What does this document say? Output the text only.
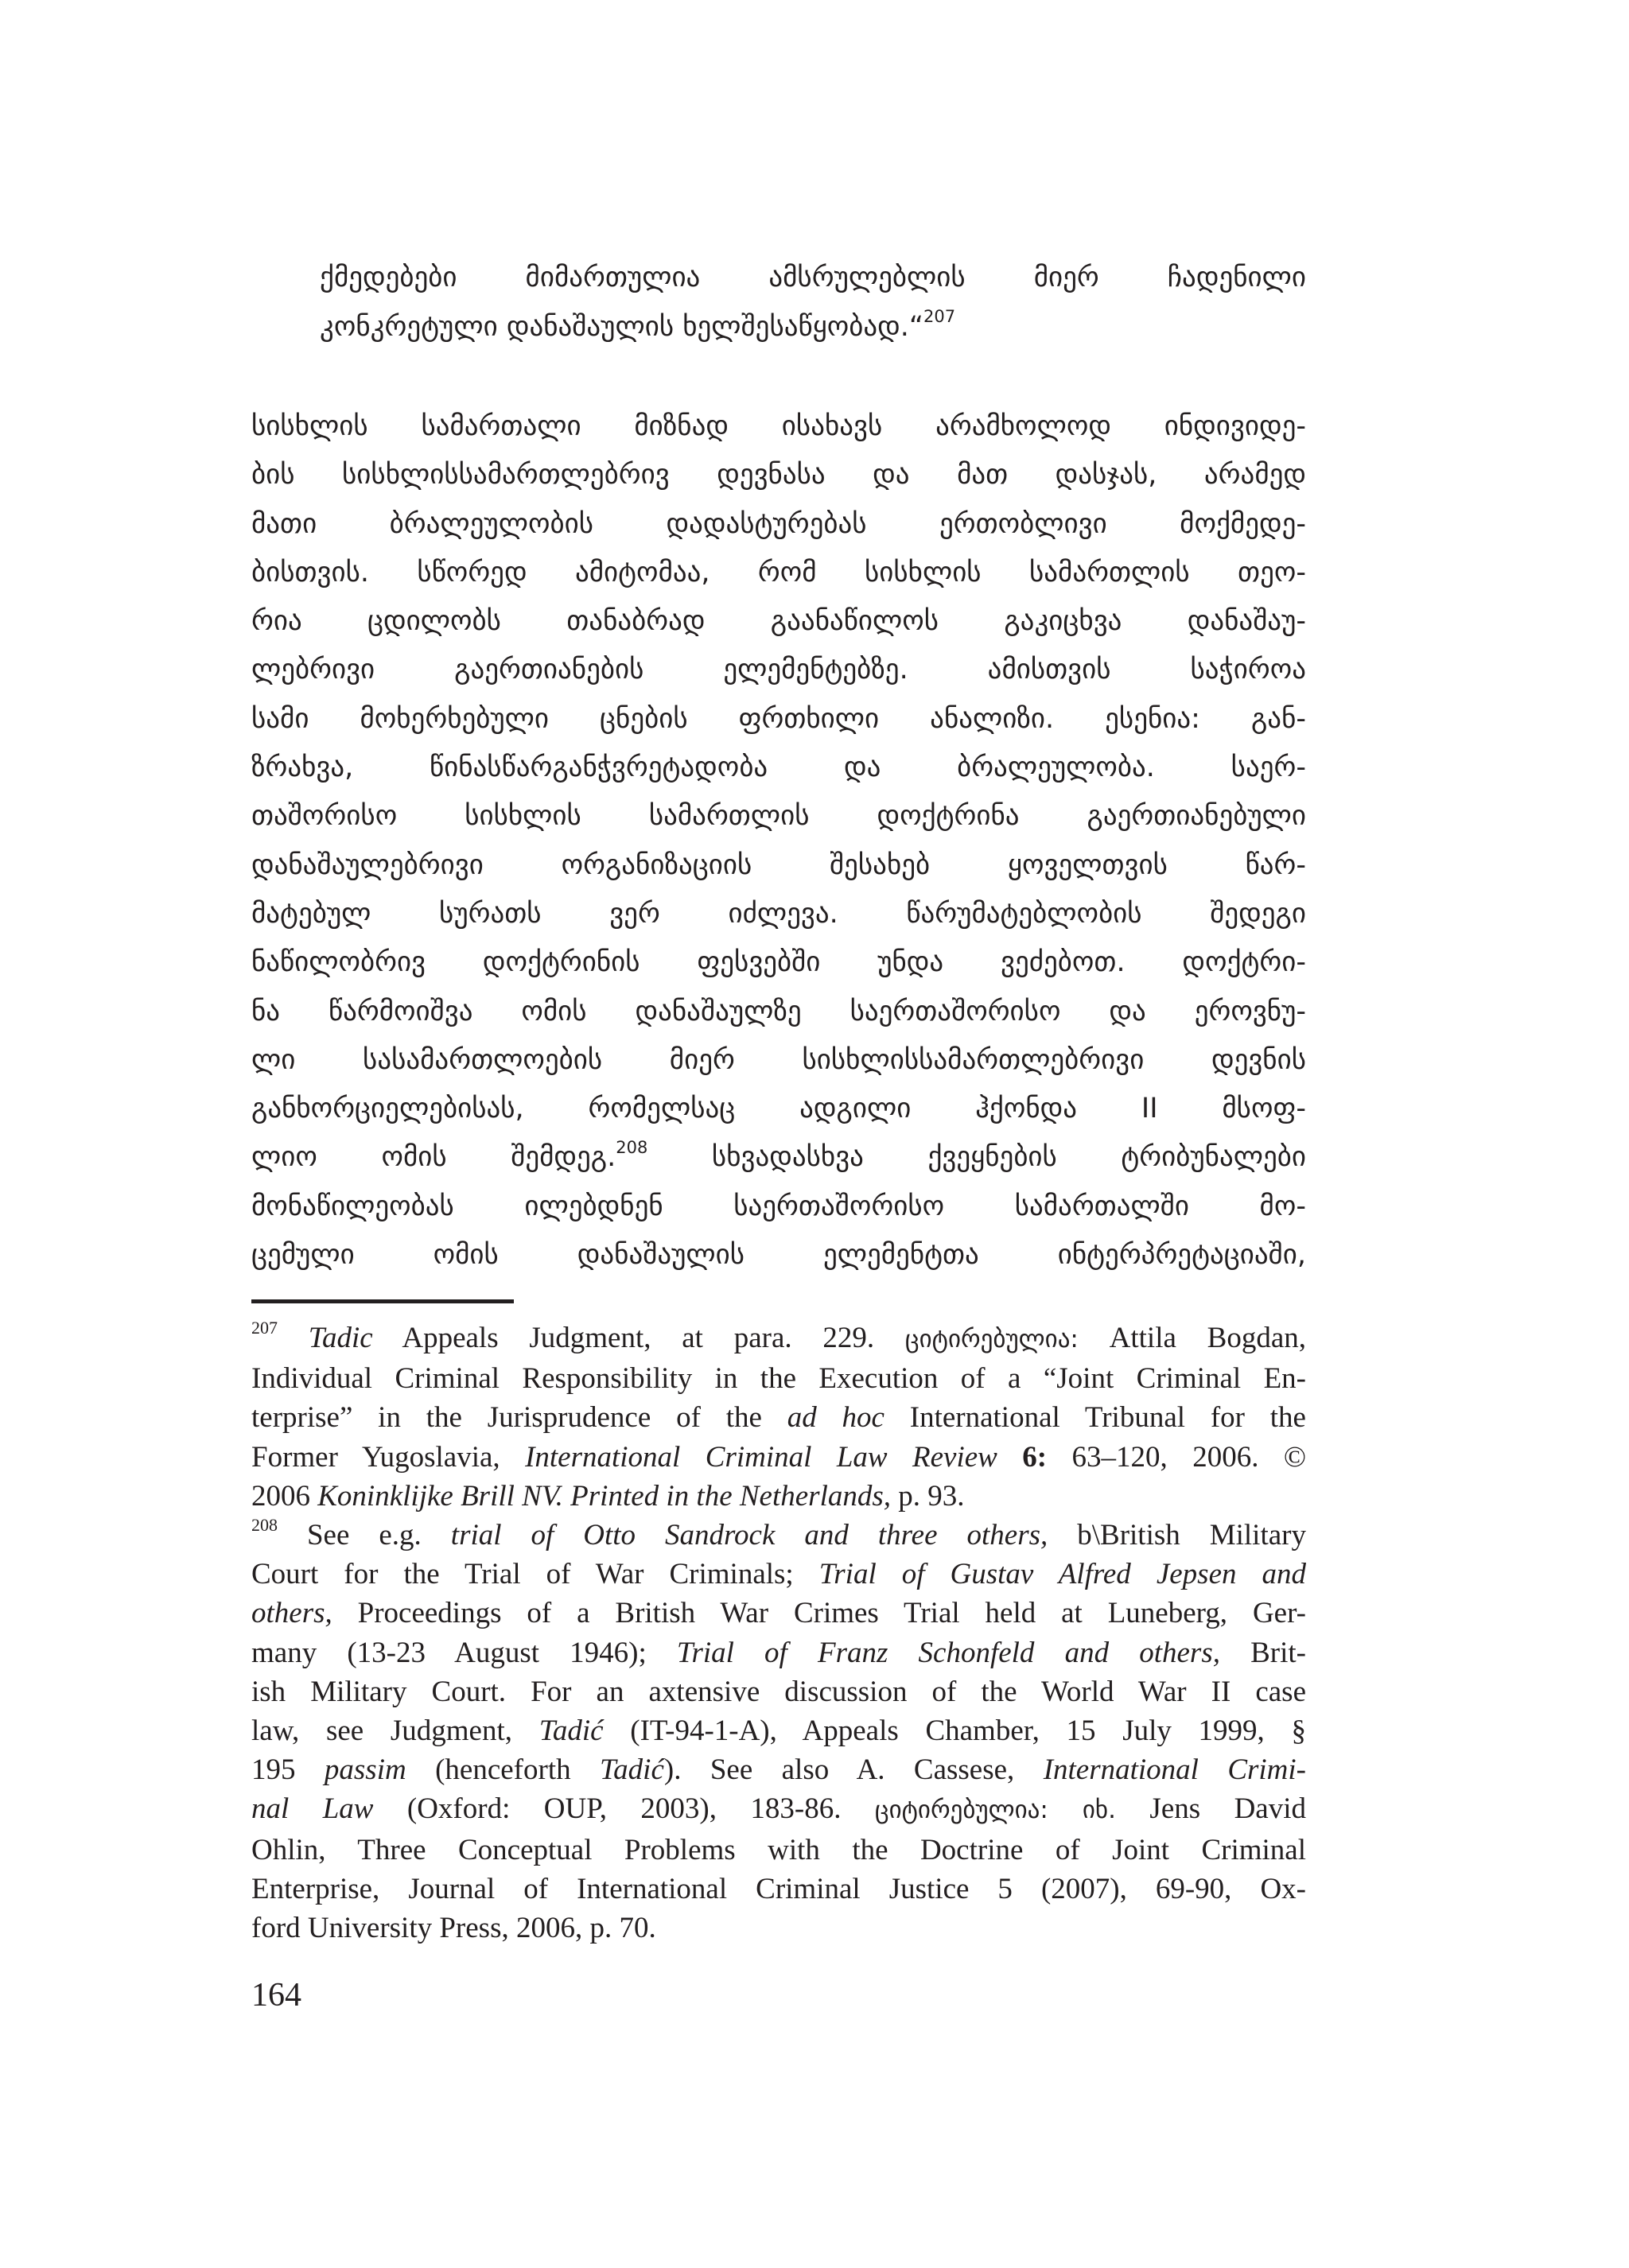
ქმედებები მიმართულია ამსრულებლის მიერ ჩადენილი
კონკრეტული დანაშაულის ხელშესაწყობად.“$^{207}$
სისხლის სამართალი მიზნად ისახავს არამხოლოდ ინდივიდე-
ბის სისხლისსამართლებრივ დევნასა და მათ დასჯას, არამედ
მათი ბრალეულობის დადასტურებას ერთობლივი მოქმედე-
ბისთვის. სწორედ ამიტომაა, რომ სისხლის სამართლის თეო-
რია ცდილობს თანაბრად გაანაწილოს გაკიცხვა დანაშაუ-
ლებრივი გაერთიანების ელემენტებზე. ამისთვის საჭიროა
სამი მოხერხებული ცნების ფრთხილი ანალიზი. ესენია: გან-
ზრახვა, წინასწარგანჭვრეტადობა და ბრალეულობა. საერ-
თაშორისო სისხლის სამართლის დოქტრინა გაერთიანებული
დანაშაულებრივი ორგანიზაციის შესახებ ყოველთვის წარ-
მატებულ სურათს ვერ იძლევა. წარუმატებლობის შედეგი
ნაწილობრივ დოქტრინის ფესვებში უნდა ვეძებოთ. დოქტრი-
ნა წარმოიშვა ომის დანაშაულზე საერთაშორისო და ეროვნუ-
ლი სასამართლოების მიერ სისხლისსამართლებრივი დევნის
განხორციელებისას, რომელსაც ადგილი ჰქონდა II მსოფ-
ლიო ომის შემდეგ.$^{208}$ სხვადასხვა ქვეყნების ტრიბუნალები
მონაწილეობას ილებდნენ საერთაშორისო სამართალში მო-
ცემული ომის დანაშაულის ელემენტთა ინტერპრეტაციაში,
$^{207}$ Tadic Appeals Judgment, at para. 229. ციტირებულია: Attila Bogdan,
Individual Criminal Responsibility in the Execution of a “Joint Criminal En-
terprise” in the Jurisprudence of the ad hoc International Tribunal for the
Former Yugoslavia, International Criminal Law Review 6: 63–120, 2006. ©
2006 Koninklijke Brill NV. Printed in the Netherlands, p. 93.
$^{208}$ See e.g. trial of Otto Sandrock and three others, b\British Military
Court for the Trial of War Criminals; Trial of Gustav Alfred Jepsen and
others, Proceedings of a British War Crimes Trial held at Luneberg, Ger-
many (13-23 August 1946); Trial of Franz Schonfeld and others, Brit-
ish Military Court. For an axtensive discussion of the World War II case
law, see Judgment, Tadić (IT-94-1-A), Appeals Chamber, 15 July 1999, §
195 passim (henceforth Tadić). See also A. Cassese, International Crimi-
nal Law (Oxford: OUP, 2003), 183-86. ციტირებულია: იხ. Jens David
Ohlin, Three Conceptual Problems with the Doctrine of Joint Criminal
Enterprise, Journal of International Criminal Justice 5 (2007), 69-90, Ox-
ford University Press, 2006, p. 70.
164
